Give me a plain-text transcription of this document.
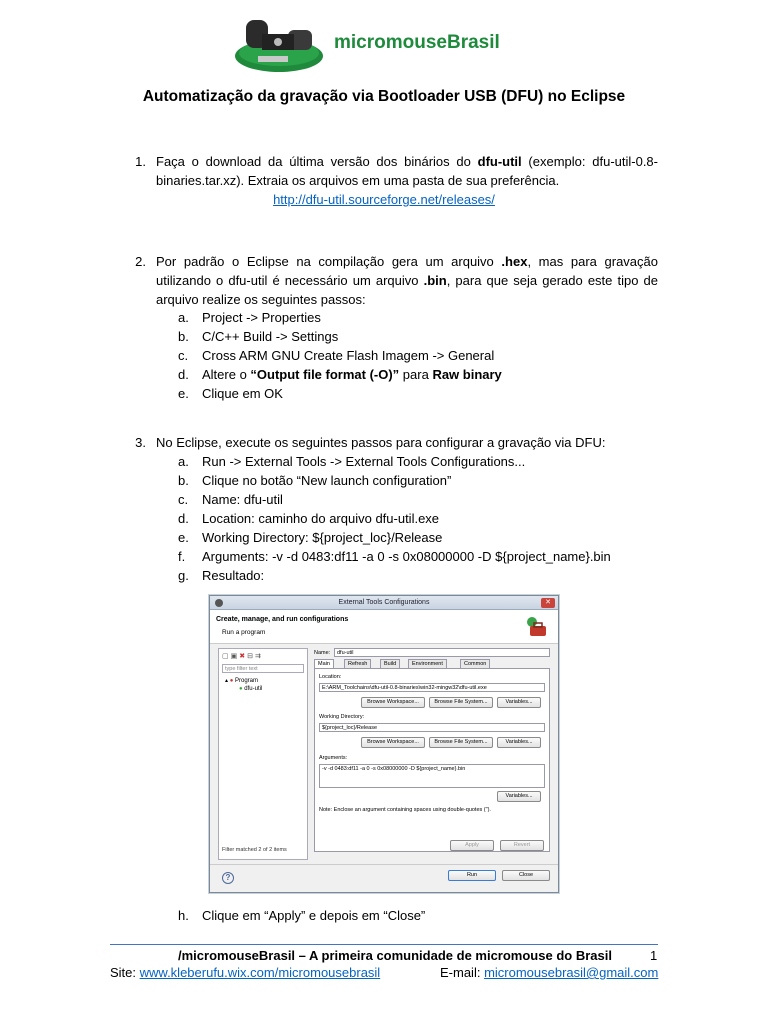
micromouseBrasil
Automatização da gravação via Bootloader USB (DFU) no Eclipse
1. Faça o download da última versão dos binários do dfu-util (exemplo: dfu-util-0.8-binaries.tar.xz). Extraia os arquivos em uma pasta de sua preferência.
http://dfu-util.sourceforge.net/releases/
2. Por padrão o Eclipse na compilação gera um arquivo .hex, mas para gravação utilizando o dfu-util é necessário um arquivo .bin, para que seja gerado este tipo de arquivo realize os seguintes passos:
a. Project -> Properties
b. C/C++ Build -> Settings
c. Cross ARM GNU Create Flash Imagem -> General
d. Altere o “Output file format (-O)” para Raw binary
e. Clique em OK
3. No Eclipse, execute os seguintes passos para configurar a gravação via DFU:
a. Run -> External Tools -> External Tools Configurations...
b. Clique no botão “New launch configuration”
c. Name: dfu-util
d. Location: caminho do arquivo dfu-util.exe
e. Working Directory: ${project_loc}/Release
f. Arguments: -v -d 0483:df11 -a 0 -s 0x08000000 -D ${project_name}.bin
g. Resultado:
External Tools Configurations	✕
Create, manage, and run configurations
Run a program
▢▣✖⊟⇉
type filter text
▴ ● Program
● dfu-util
Filter matched 2 of 2 items
Name:	dfu-util
Main	Refresh	Build	Environment	Common
Location:
E:\ARM_Toolchains\dfu-util-0.8-binaries\win32-mingw32\dfu-util.exe
Browse Workspace...	Browse File System...	Variables...
Working Directory:
${project_loc}/Release
Browse Workspace...	Browse File System...	Variables...
Arguments:
-v -d 0483:df11 -a 0 -s 0x08000000 -D ${project_name}.bin
Variables...
Note: Enclose an argument containing spaces using double-quotes (").
Apply	Revert
?	Run	Close
h. Clique em “Apply” e depois em “Close”
/micromouseBrasil – A primeira comunidade de micromouse do Brasil	1
Site: www.kleberufu.wix.com/micromousebrasil	E-mail: micromousebrasil@gmail.com
